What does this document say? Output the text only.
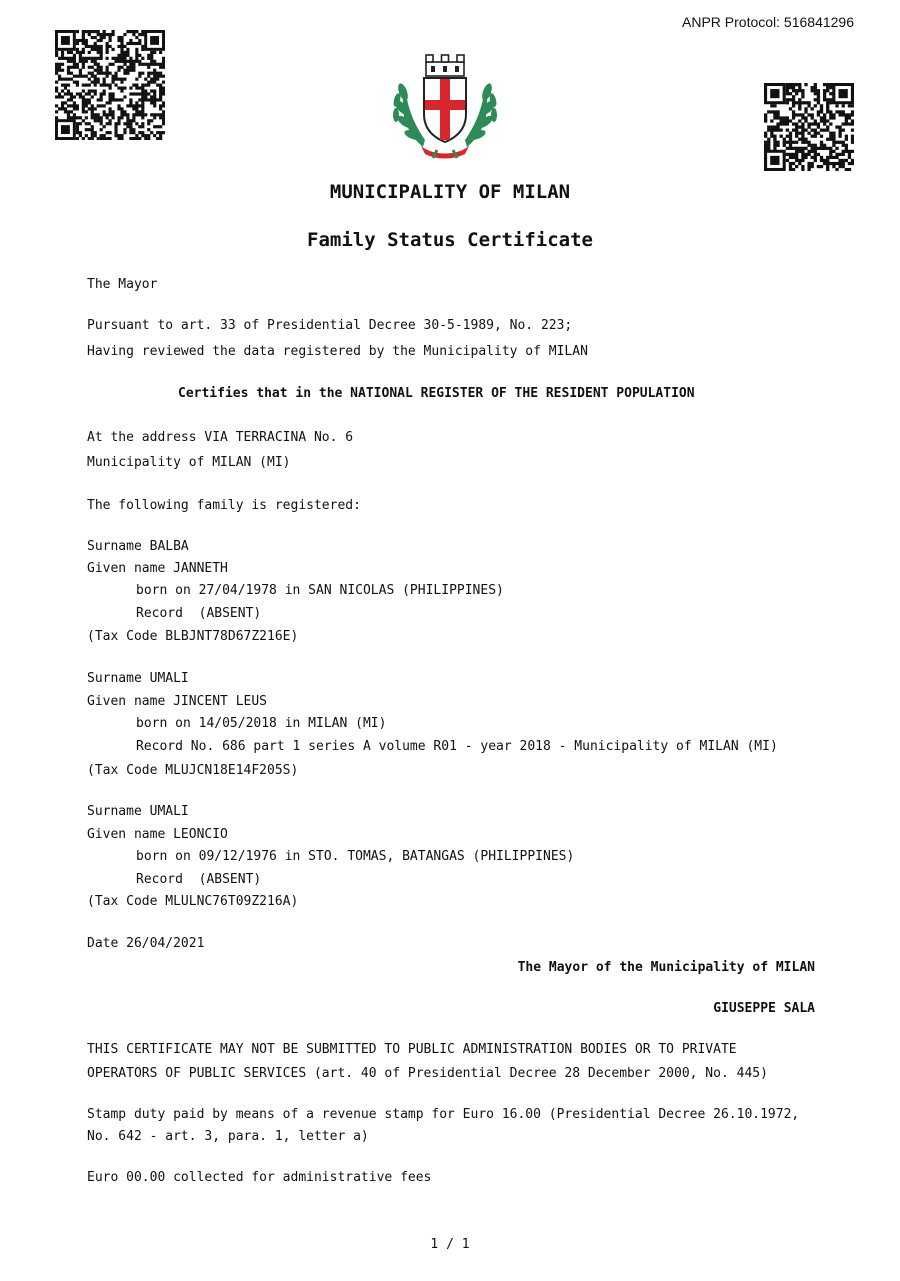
ANPR Protocol: 516841296
MUNICIPALITY OF MILAN
Family Status Certificate
The Mayor
Pursuant to art. 33 of Presidential Decree 30-5-1989, No. 223;
Having reviewed the data registered by the Municipality of MILAN
Certifies that in the NATIONAL REGISTER OF THE RESIDENT POPULATION
At the address VIA TERRACINA No. 6
Municipality of MILAN (MI)
The following family is registered:
Surname BALBA
Given name JANNETH
born on 27/04/1978 in SAN NICOLAS (PHILIPPINES)
Record  (ABSENT)
(Tax Code BLBJNT78D67Z216E)
Surname UMALI
Given name JINCENT LEUS
born on 14/05/2018 in MILAN (MI)
Record No. 686 part 1 series A volume R01 - year 2018 - Municipality of MILAN (MI)
(Tax Code MLUJCN18E14F205S)
Surname UMALI
Given name LEONCIO
born on 09/12/1976 in STO. TOMAS, BATANGAS (PHILIPPINES)
Record  (ABSENT)
(Tax Code MLULNC76T09Z216A)
Date 26/04/2021
The Mayor of the Municipality of MILAN
GIUSEPPE SALA
THIS CERTIFICATE MAY NOT BE SUBMITTED TO PUBLIC ADMINISTRATION BODIES OR TO PRIVATE
OPERATORS OF PUBLIC SERVICES (art. 40 of Presidential Decree 28 December 2000, No. 445)
Stamp duty paid by means of a revenue stamp for Euro 16.00 (Presidential Decree 26.10.1972,
No. 642 - art. 3, para. 1, letter a)
Euro 00.00 collected for administrative fees
1 / 1
